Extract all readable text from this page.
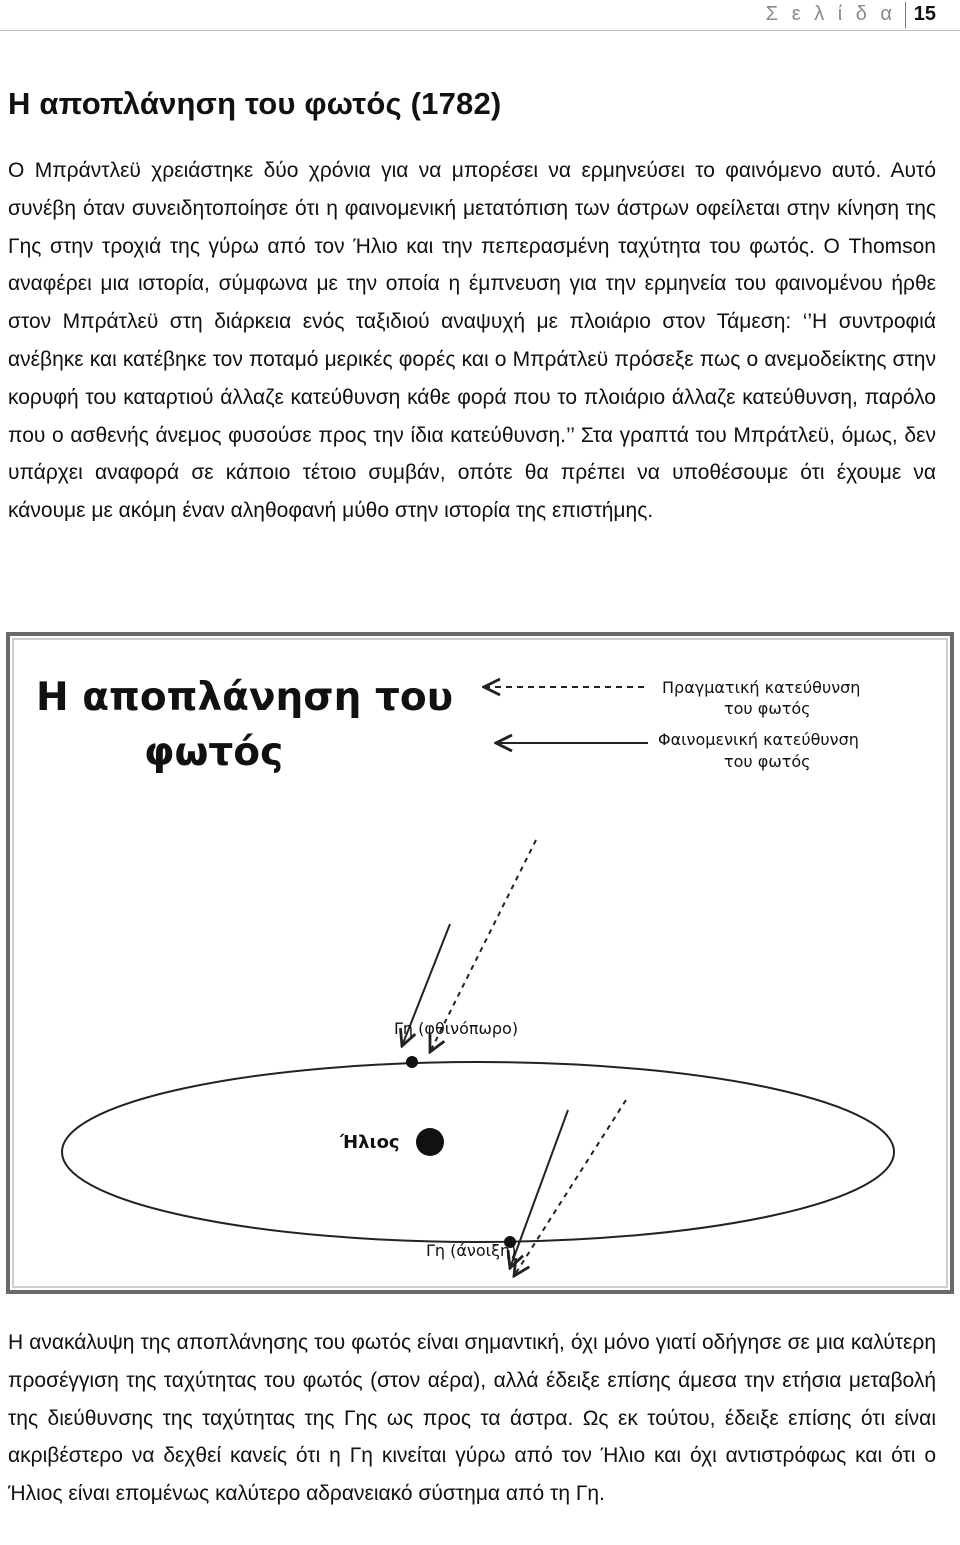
Σ ε λ ί δ α 15
Η αποπλάνηση του φωτός (1782)

Ο Μπράντλεϋ χρειάστηκε δύο χρόνια για να μπορέσει να ερμηνεύσει το φαινόμενο αυτό. Αυτό συνέβη όταν συνειδητοποίησε ότι η φαινομενική μετατόπιση των άστρων οφείλεται στην κίνηση της Γης στην τροχιά της γύρω από τον Ήλιο και την πεπερασμένη ταχύτητα του φωτός. Ο Thomson αναφέρει μια ιστορία, σύμφωνα με την οποία η έμπνευση για την ερμηνεία του φαινομένου ήρθε στον Μπράτλεϋ στη διάρκεια ενός ταξιδιού αναψυχή με πλοιάριο στον Τάμεση: ‘’Η συντροφιά ανέβηκε και κατέβηκε τον ποταμό μερικές φορές και ο Μπράτλεϋ πρόσεξε πως ο ανεμοδείκτης στην κορυφή του καταρτιού άλλαζε κατεύθυνση κάθε φορά που το πλοιάριο άλλαζε κατεύθυνση, παρόλο που ο ασθενής άνεμος φυσούσε προς την ίδια κατεύθυνση.’’ Στα γραπτά του Μπράτλεϋ, όμως, δεν υπάρχει αναφορά σε κάποιο τέτοιο συμβάν, οπότε θα πρέπει να υποθέσουμε ότι έχουμε να κάνουμε με ακόμη έναν αληθοφανή μύθο στην ιστορία της επιστήμης.

Η αποπλάνηση του
φωτός
Πραγματική κατεύθυνση
του φωτός
Φαινομενική κατεύθυνση
του φωτός
Γη (φθινόπωρο)
Ήλιος
Γη (άνοιξη)

Η ανακάλυψη της αποπλάνησης του φωτός είναι σημαντική, όχι μόνο γιατί οδήγησε σε μια καλύτερη προσέγγιση της ταχύτητας του φωτός (στον αέρα), αλλά έδειξε επίσης άμεσα την ετήσια μεταβολή της διεύθυνσης της ταχύτητας της Γης ως προς τα άστρα. Ως εκ τούτου, έδειξε επίσης ότι είναι ακριβέστερο να δεχθεί κανείς ότι η Γη κινείται γύρω από τον Ήλιο και όχι αντιστρόφως και ότι ο Ήλιος είναι επομένως καλύτερο αδρανειακό σύστημα από τη Γη.
